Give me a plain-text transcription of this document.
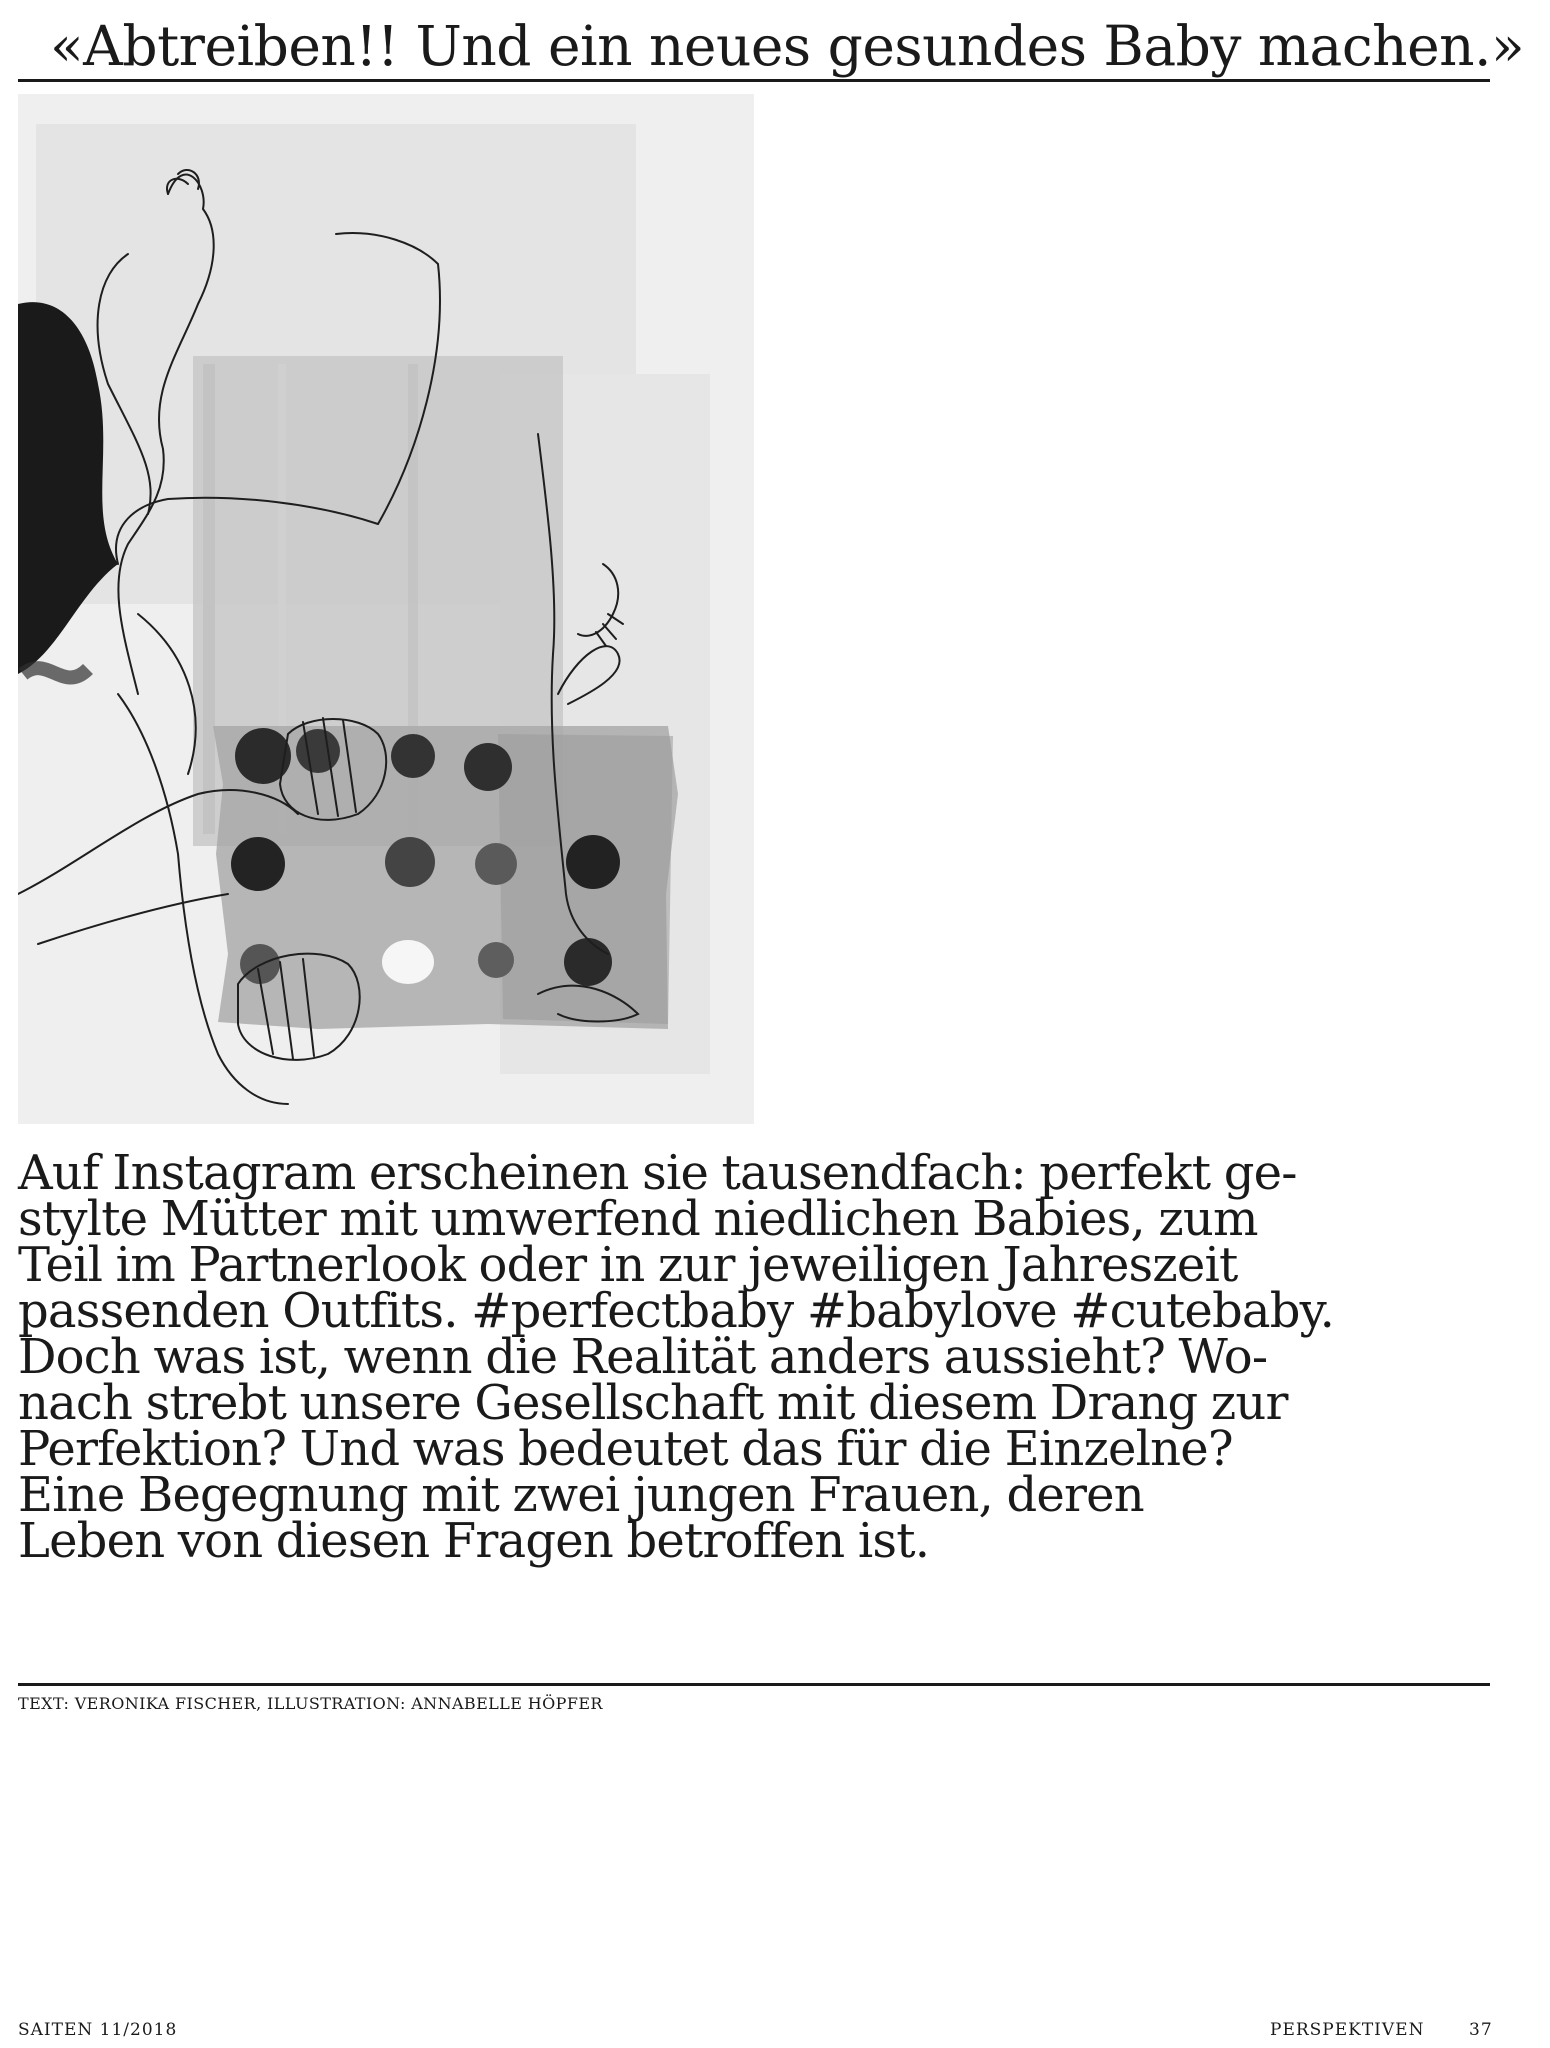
«Abtreiben!! Und ein neues gesundes Baby machen.»

Auf Instagram erscheinen sie tausendfach: perfekt ge-
stylte Mütter mit umwerfend niedlichen Babies, zum
Teil im Partnerlook oder in zur jeweiligen Jahreszeit
passenden Outfits. #perfectbaby #babylove #cutebaby.
Doch was ist, wenn die Realität anders aussieht? Wo-
nach strebt unsere Gesellschaft mit diesem Drang zur
Perfektion? Und was bedeutet das für die Einzelne?
Eine Begegnung mit zwei jungen Frauen, deren
Leben von diesen Fragen betroffen ist.

TEXT: VERONIKA FISCHER, ILLUSTRATION: ANNABELLE HÖPFER

SAITEN 11/2018	PERSPEKTIVEN	37
